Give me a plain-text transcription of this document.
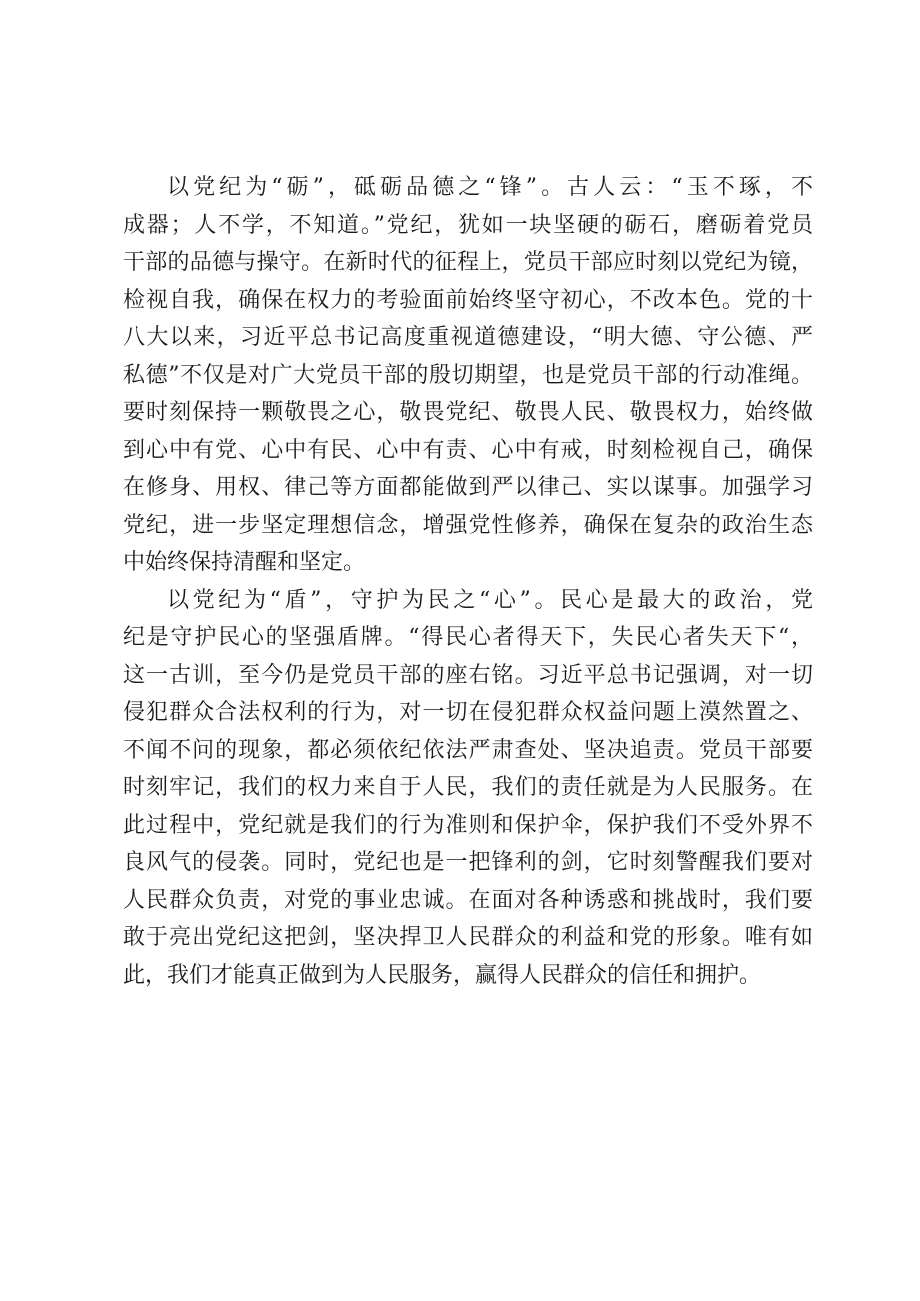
以党纪为“砺”，砥砺品德之“锋”。古人云：“玉不琢，不
成器；人不学，不知道。”党纪，犹如一块坚硬的砺石，磨砺着党员
干部的品德与操守。在新时代的征程上，党员干部应时刻以党纪为镜，
检视自我，确保在权力的考验面前始终坚守初心，不改本色。党的十
八大以来，习近平总书记高度重视道德建设，“明大德、守公德、严
私德”不仅是对广大党员干部的殷切期望，也是党员干部的行动准绳。
要时刻保持一颗敬畏之心，敬畏党纪、敬畏人民、敬畏权力，始终做
到心中有党、心中有民、心中有责、心中有戒，时刻检视自己，确保
在修身、用权、律己等方面都能做到严以律己、实以谋事。加强学习
党纪，进一步坚定理想信念，增强党性修养，确保在复杂的政治生态
中始终保持清醒和坚定。
以党纪为“盾”，守护为民之“心”。民心是最大的政治，党
纪是守护民心的坚强盾牌。“得民心者得天下，失民心者失天下“，
这一古训，至今仍是党员干部的座右铭。习近平总书记强调，对一切
侵犯群众合法权利的行为，对一切在侵犯群众权益问题上漠然置之、
不闻不问的现象，都必须依纪依法严肃查处、坚决追责。党员干部要
时刻牢记，我们的权力来自于人民，我们的责任就是为人民服务。在
此过程中，党纪就是我们的行为准则和保护伞，保护我们不受外界不
良风气的侵袭。同时，党纪也是一把锋利的剑，它时刻警醒我们要对
人民群众负责，对党的事业忠诚。在面对各种诱惑和挑战时，我们要
敢于亮出党纪这把剑，坚决捍卫人民群众的利益和党的形象。唯有如
此，我们才能真正做到为人民服务，赢得人民群众的信任和拥护。
